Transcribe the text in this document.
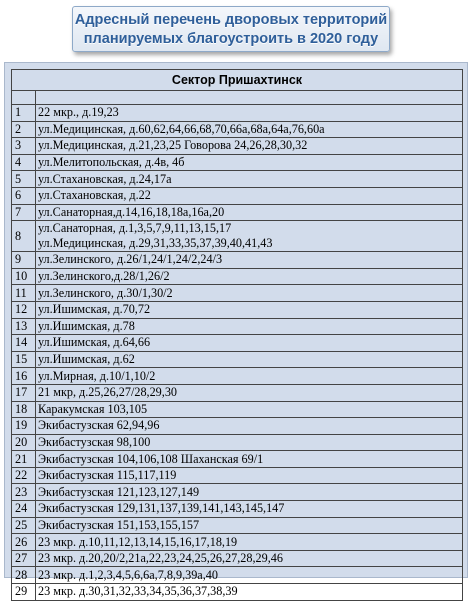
Адресный перечень дворовых территорий
планируемых благоустроить в 2020 году
Сектор Пришахтинск	

1	22 мкр., д.19,23

2	ул.Медицинская, д.60,62,64,66,68,70,66а,68а,64а,76,60а

3	ул.Медицинская, д.21,23,25 Говорова 24,26,28,30,32

4	ул.Мелитопольская, д.4в, 4б

5	ул.Стахановская, д.24,17а

6	ул.Стахановская, д.22

7	ул.Санаторная,д.14,16,18,18а,16а,20

8	ул.Санаторная, д.1,3,5,7,9,11,13,15,17
ул.Медицинская, д.29,31,33,35,37,39,40,41,43

9	ул.Зелинского, д.26/1,24/1,24/2,24/3

10	ул.Зелинского,д.28/1,26/2

11	ул.Зелинского, д.30/1,30/2

12	ул.Ишимская, д.70,72

13	ул.Ишимская, д.78

14	ул.Ишимская, д.64,66

15	ул.Ишимская, д.62

16	ул.Мирная, д.10/1,10/2

17	21 мкр, д.25,26,27/28,29,30

18	Каракумская 103,105

19	Экибастузская 62,94,96

20	Экибастузская 98,100

21	Экибастузская 104,106,108 Шаханская 69/1

22	Экибастузская 115,117,119

23	Экибастузская 121,123,127,149

24	Экибастузская 129,131,137,139,141,143,145,147

25	Экибастузская 151,153,155,157

26	23 мкр. д.10,11,12,13,14,15,16,17,18,19

27	23 мкр. д.20,20/2,21а,22,23,24,25,26,27,28,29,46

28	23 мкр. д.1,2,3,4,5,6,6а,7,8,9,39а,40

29	23 мкр. д.30,31,32,33,34,35,36,37,38,39
